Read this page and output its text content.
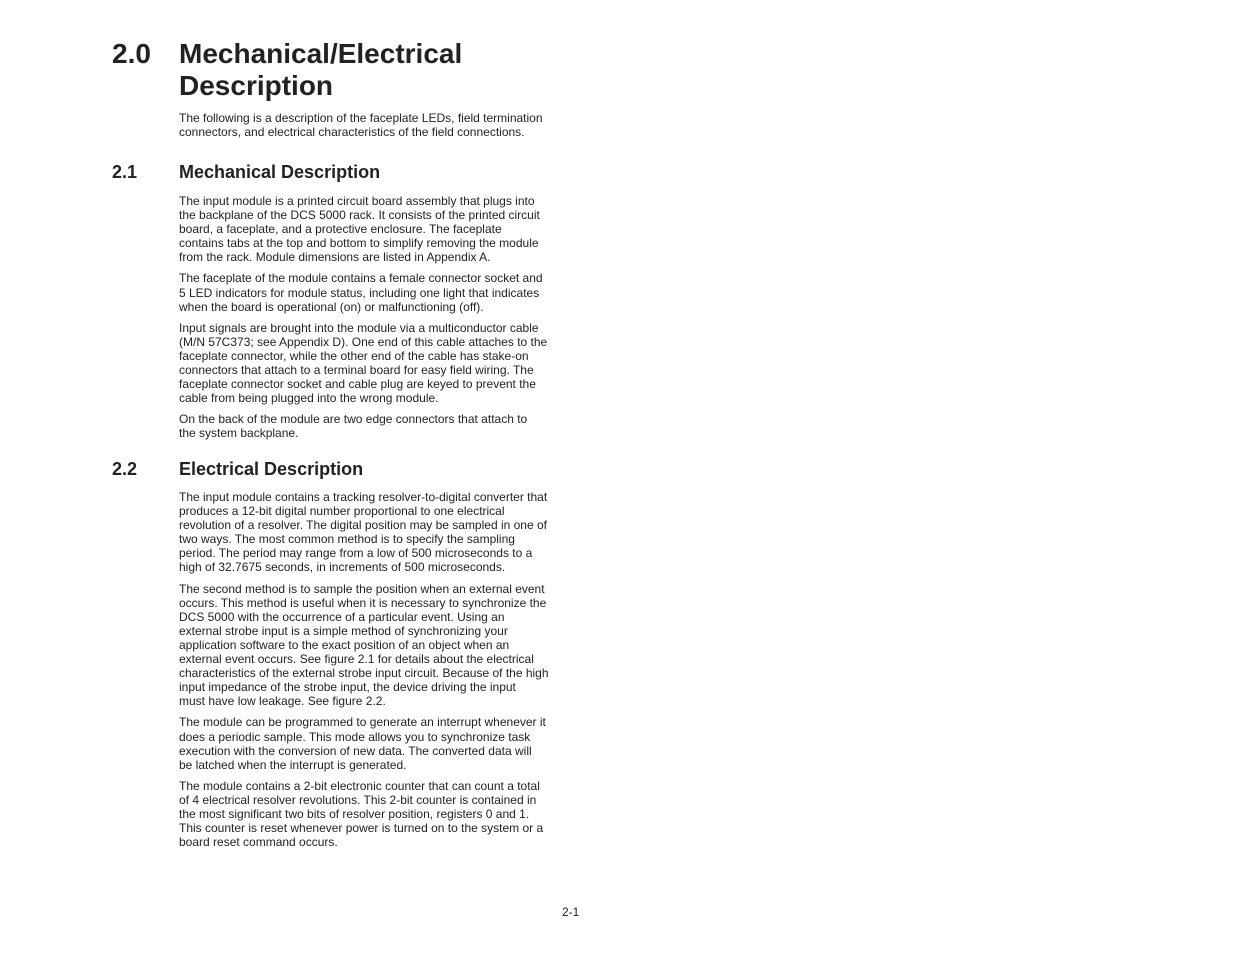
2.0 Mechanical/Electrical
Description

The following is a description of the faceplate LEDs, field termination
connectors, and electrical characteristics of the field connections.

2.1 Mechanical Description

The input module is a printed circuit board assembly that plugs into
the backplane of the DCS 5000 rack. It consists of the printed circuit
board, a faceplate, and a protective enclosure. The faceplate
contains tabs at the top and bottom to simplify removing the module
from the rack. Module dimensions are listed in Appendix A.

The faceplate of the module contains a female connector socket and
5 LED indicators for module status, including one light that indicates
when the board is operational (on) or malfunctioning (off).

Input signals are brought into the module via a multiconductor cable
(M/N 57C373; see Appendix D). One end of this cable attaches to the
faceplate connector, while the other end of the cable has stake-on
connectors that attach to a terminal board for easy field wiring. The
faceplate connector socket and cable plug are keyed to prevent the
cable from being plugged into the wrong module.

On the back of the module are two edge connectors that attach to
the system backplane.

2.2 Electrical Description

The input module contains a tracking resolver-to-digital converter that
produces a 12-bit digital number proportional to one electrical
revolution of a resolver. The digital position may be sampled in one of
two ways. The most common method is to specify the sampling
period. The period may range from a low of 500 microseconds to a
high of 32.7675 seconds, in increments of 500 microseconds.

The second method is to sample the position when an external event
occurs. This method is useful when it is necessary to synchronize the
DCS 5000 with the occurrence of a particular event. Using an
external strobe input is a simple method of synchronizing your
application software to the exact position of an object when an
external event occurs. See figure 2.1 for details about the electrical
characteristics of the external strobe input circuit. Because of the high
input impedance of the strobe input, the device driving the input
must have low leakage. See figure 2.2.

The module can be programmed to generate an interrupt whenever it
does a periodic sample. This mode allows you to synchronize task
execution with the conversion of new data. The converted data will
be latched when the interrupt is generated.

The module contains a 2-bit electronic counter that can count a total
of 4 electrical resolver revolutions. This 2-bit counter is contained in
the most significant two bits of resolver position, registers 0 and 1.
This counter is reset whenever power is turned on to the system or a
board reset command occurs.

2-1
